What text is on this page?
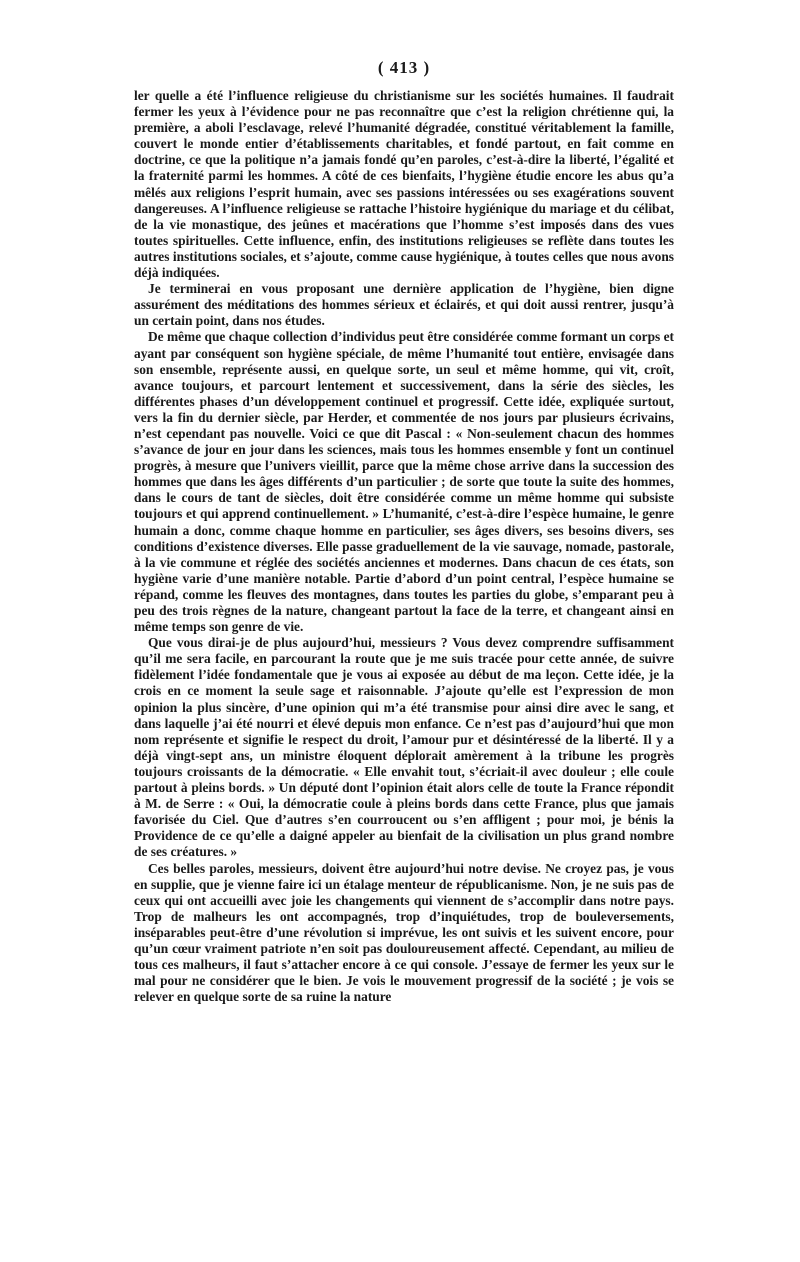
( 413 )

ler quelle a été l’influence religieuse du christianisme sur les sociétés humaines. Il faudrait fermer les yeux à l’évidence pour ne pas reconnaître que c’est la religion chrétienne qui, la première, a aboli l’esclavage, relevé l’humanité dégradée, constitué véritablement la famille, couvert le monde entier d’établissements charitables, et fondé partout, en fait comme en doctrine, ce que la politique n’a jamais fondé qu’en paroles, c’est-à-dire la liberté, l’égalité et la fraternité parmi les hommes. A côté de ces bienfaits, l’hygiène étudie encore les abus qu’a mêlés aux religions l’esprit humain, avec ses passions intéressées ou ses exagérations souvent dangereuses. A l’influence religieuse se rattache l’histoire hygiénique du mariage et du célibat, de la vie monastique, des jeûnes et macérations que l’homme s’est imposés dans des vues toutes spirituelles. Cette influence, enfin, des institutions religieuses se reflète dans toutes les autres institutions sociales, et s’ajoute, comme cause hygiénique, à toutes celles que nous avons déjà indiquées.

Je terminerai en vous proposant une dernière application de l’hygiène, bien digne assurément des méditations des hommes sérieux et éclairés, et qui doit aussi rentrer, jusqu’à un certain point, dans nos études.

De même que chaque collection d’individus peut être considérée comme formant un corps et ayant par conséquent son hygiène spéciale, de même l’humanité tout entière, envisagée dans son ensemble, représente aussi, en quelque sorte, un seul et même homme, qui vit, croît, avance toujours, et parcourt lentement et successivement, dans la série des siècles, les différentes phases d’un développement continuel et progressif. Cette idée, expliquée surtout, vers la fin du dernier siècle, par Herder, et commentée de nos jours par plusieurs écrivains, n’est cependant pas nouvelle. Voici ce que dit Pascal : « Non-seulement chacun des hommes s’avance de jour en jour dans les sciences, mais tous les hommes ensemble y font un continuel progrès, à mesure que l’univers vieillit, parce que la même chose arrive dans la succession des hommes que dans les âges différents d’un particulier ; de sorte que toute la suite des hommes, dans le cours de tant de siècles, doit être considérée comme un même homme qui subsiste toujours et qui apprend continuellement. » L’humanité, c’est-à-dire l’espèce humaine, le genre humain a donc, comme chaque homme en particulier, ses âges divers, ses besoins divers, ses conditions d’existence diverses. Elle passe graduellement de la vie sauvage, nomade, pastorale, à la vie commune et réglée des sociétés anciennes et modernes. Dans chacun de ces états, son hygiène varie d’une manière notable. Partie d’abord d’un point central, l’espèce humaine se répand, comme les fleuves des montagnes, dans toutes les parties du globe, s’emparant peu à peu des trois règnes de la nature, changeant partout la face de la terre, et changeant ainsi en même temps son genre de vie.

Que vous dirai-je de plus aujourd’hui, messieurs ? Vous devez comprendre suffisamment qu’il me sera facile, en parcourant la route que je me suis tracée pour cette année, de suivre fidèlement l’idée fondamentale que je vous ai exposée au début de ma leçon. Cette idée, je la crois en ce moment la seule sage et raisonnable. J’ajoute qu’elle est l’expression de mon opinion la plus sincère, d’une opinion qui m’a été transmise pour ainsi dire avec le sang, et dans laquelle j’ai été nourri et élevé depuis mon enfance. Ce n’est pas d’aujourd’hui que mon nom représente et signifie le respect du droit, l’amour pur et désintéressé de la liberté. Il y a déjà vingt-sept ans, un ministre éloquent déplorait amèrement à la tribune les progrès toujours croissants de la démocratie. « Elle envahit tout, s’écriait-il avec douleur ; elle coule partout à pleins bords. » Un député dont l’opinion était alors celle de toute la France répondit à M. de Serre : « Oui, la démocratie coule à pleins bords dans cette France, plus que jamais favorisée du Ciel. Que d’autres s’en courroucent ou s’en affligent ; pour moi, je bénis la Providence de ce qu’elle a daigné appeler au bienfait de la civilisation un plus grand nombre de ses créatures. »

Ces belles paroles, messieurs, doivent être aujourd’hui notre devise. Ne croyez pas, je vous en supplie, que je vienne faire ici un étalage menteur de républicanisme. Non, je ne suis pas de ceux qui ont accueilli avec joie les changements qui viennent de s’accomplir dans notre pays. Trop de malheurs les ont accompagnés, trop d’inquiétudes, trop de bouleversements, inséparables peut-être d’une révolution si imprévue, les ont suivis et les suivent encore, pour qu’un cœur vraiment patriote n’en soit pas douloureusement affecté. Cependant, au milieu de tous ces malheurs, il faut s’attacher encore à ce qui console. J’essaye de fermer les yeux sur le mal pour ne considérer que le bien. Je vois le mouvement progressif de la société ; je vois se relever en quelque sorte de sa ruine la nature
